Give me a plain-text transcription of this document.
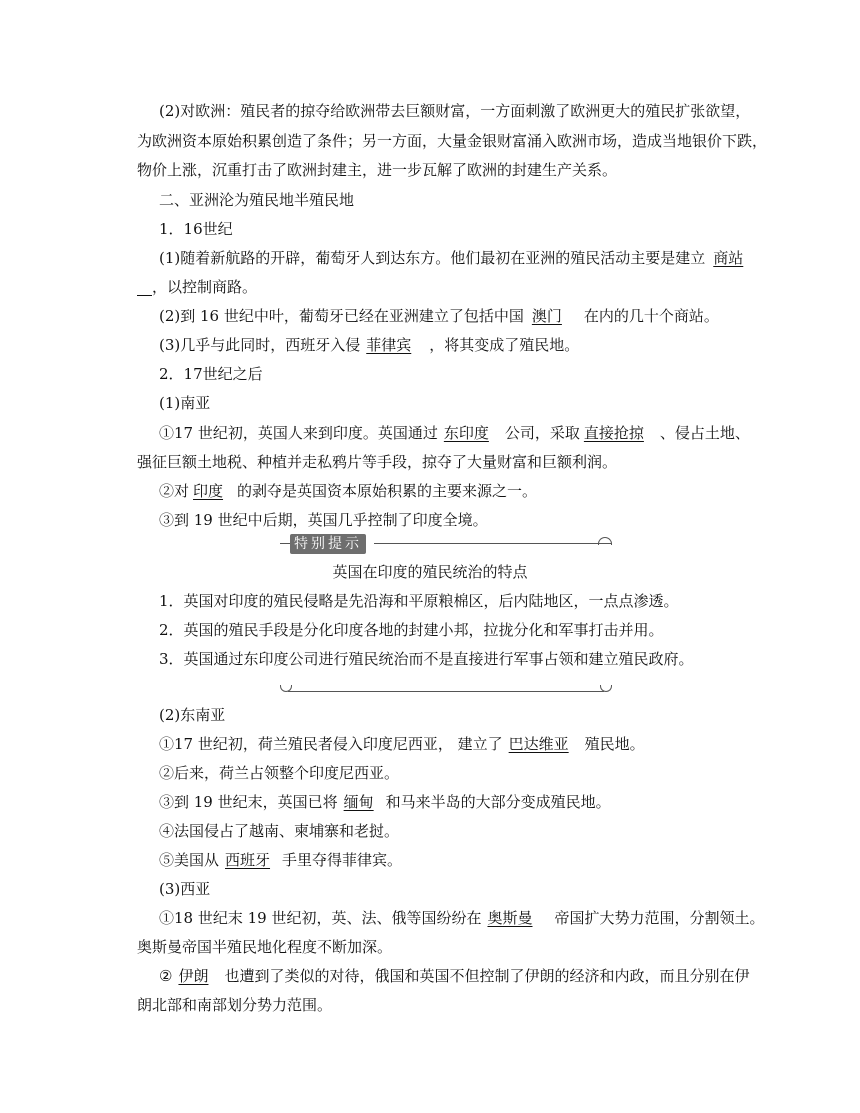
(2)对欧洲：殖民者的掠夺给欧洲带去巨额财富，一方面刺激了欧洲更大的殖民扩张欲望，
为欧洲资本原始积累创造了条件；另一方面，大量金银财富涌入欧洲市场，造成当地银价下跌，
物价上涨，沉重打击了欧洲封建主，进一步瓦解了欧洲的封建生产关系。
二、亚洲沦为殖民地半殖民地
1．16世纪
(1)随着新航路的开辟，葡萄牙人到达东方。他们最初在亚洲的殖民活动主要是建立 商站
__，以控制商路。
(2)到 16 世纪中叶，葡萄牙已经在亚洲建立了包括中国 澳门 在内的几十个商站。
(3)几乎与此同时，西班牙入侵 菲律宾 ，将其变成了殖民地。
2．17世纪之后
(1)南亚
①17 世纪初，英国人来到印度。英国通过 东印度 公司，采取 直接抢掠 、侵占土地、
强征巨额土地税、种植并走私鸦片等手段，掠夺了大量财富和巨额利润。
②对 印度 的剥夺是英国资本原始积累的主要来源之一。
③到 19 世纪中后期，英国几乎控制了印度全境。
特别提示
英国在印度的殖民统治的特点
1．英国对印度的殖民侵略是先沿海和平原粮棉区，后内陆地区，一点点渗透。
2．英国的殖民手段是分化印度各地的封建小邦，拉拢分化和军事打击并用。
3．英国通过东印度公司进行殖民统治而不是直接进行军事占领和建立殖民政府。
(2)东南亚
①17 世纪初，荷兰殖民者侵入印度尼西亚， 建立了 巴达维亚 殖民地。
②后来，荷兰占领整个印度尼西亚。
③到 19 世纪末，英国已将 缅甸 和马来半岛的大部分变成殖民地。
④法国侵占了越南、柬埔寨和老挝。
⑤美国从 西班牙 手里夺得菲律宾。
(3)西亚
①18 世纪末 19 世纪初，英、法、俄等国纷纷在 奥斯曼 帝国扩大势力范围，分割领土。
奥斯曼帝国半殖民地化程度不断加深。
② 伊朗 也遭到了类似的对待，俄国和英国不但控制了伊朗的经济和内政，而且分别在伊
朗北部和南部划分势力范围。
